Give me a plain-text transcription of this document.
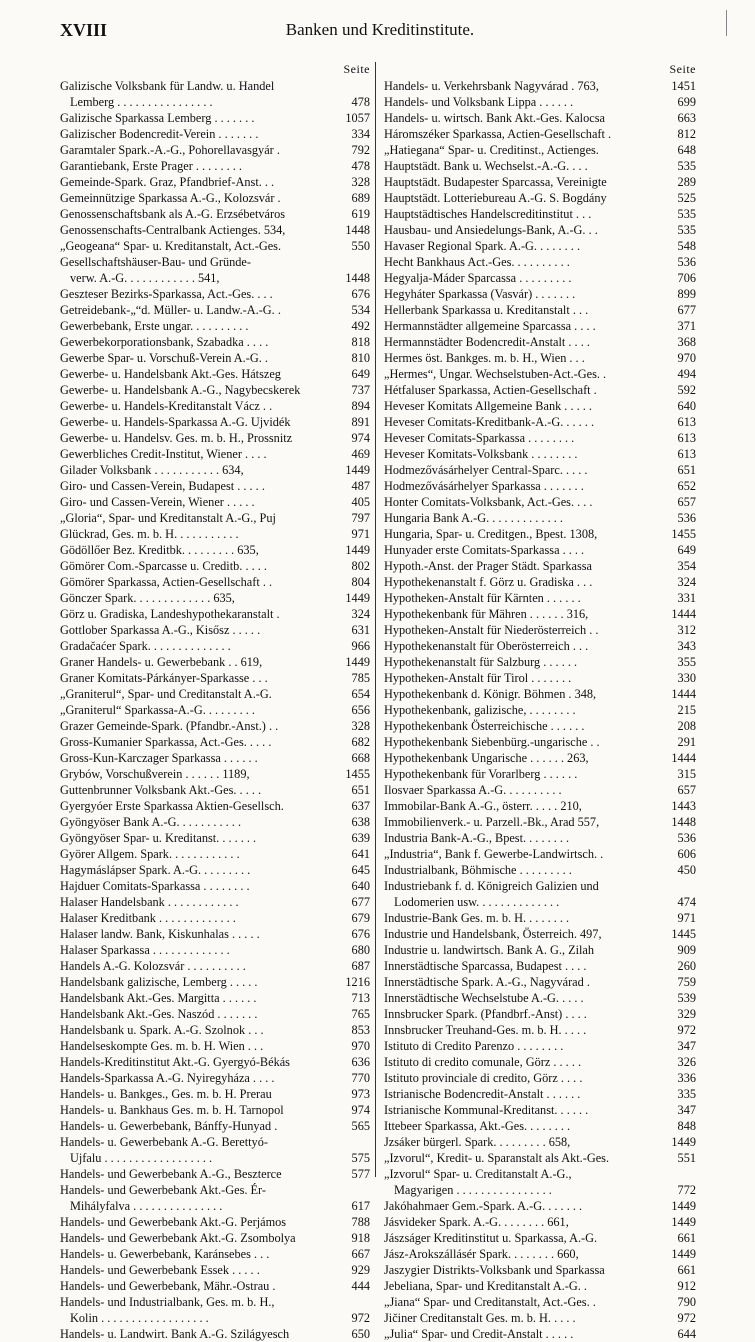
XVIII	Banken und Kreditinstitute.
Seite
Galizische Volksbank für Landw. u. Handel
Lemberg . . . . . . . . . . . . . . . .	478
Galizische Sparkassa Lemberg . . . . . . .	1057
Galizischer Bodencredit-Verein . . . . . . .	334
Garamtaler Spark.-A.-G., Pohorellavasgyár .	792
Garantiebank, Erste Prager . . . . . . . .	478
Gemeinde-Spark. Graz, Pfandbrief-Anst. . .	328
Gemeinnützige Sparkassa A.-G., Kolozsvár .	689
Genossenschaftsbank als A.-G. Erzsébetváros	619
Genossenschafts-Centralbank Actienges. 534,	1448
„Geogeana“ Spar- u. Kreditanstalt, Act.-Ges.	550
Gesellschaftshäuser-Bau- und Gründe-
verw. A.-G. . . . . . . . . . . . 541,	1448
Geszteser Bezirks-Sparkassa, Act.-Ges. . . .	676
Getreidebank-„“d. Müller- u. Landw.-A.-G. .	534
Gewerbebank, Erste ungar. . . . . . . . . .	492
Gewerbekorporationsbank, Szabadka . . . .	818
Gewerbe Spar- u. Vorschuß-Verein A.-G. .	810
Gewerbe- u. Handelsbank Akt.-Ges. Hátszeg	649
Gewerbe- u. Handelsbank A.-G., Nagybecskerek	737
Gewerbe- u. Handels-Kreditanstalt Vácz . .	894
Gewerbe- u. Handels-Sparkassa A.-G. Ujvidék	891
Gewerbe- u. Handelsv. Ges. m. b. H., Prossnitz	974
Gewerbliches Credit-Institut, Wiener . . . .	469
Gilader Volksbank . . . . . . . . . . . 634,	1449
Giro- und Cassen-Verein, Budapest . . . . .	487
Giro- und Cassen-Verein, Wiener . . . . .	405
„Gloria“, Spar- und Kreditanstalt A.-G., Puj	797
Glückrad, Ges. m. b. H. . . . . . . . . . .	971
Gödöllőer Bez. Kreditbk. . . . . . . . . 635,	1449
Gömörer Com.-Sparcasse u. Creditb. . . . .	802
Gömörer Sparkassa, Actien-Gesellschaft . .	804
Gönczer Spark. . . . . . . . . . . . . 635,	1449
Görz u. Gradiska, Landeshypothekaranstalt .	324
Gottlober Sparkassa A.-G., Kisősz . . . . .	631
Gradačaćer Spark. . . . . . . . . . . . . .	966
Graner Handels- u. Gewerbebank . . 619,	1449
Graner Komitats-Párkányer-Sparkasse . . .	785
„Graniterul“, Spar- und Creditanstalt A.-G.	654
„Graniterul“ Sparkassa-A.-G. . . . . . . . .	656
Grazer Gemeinde-Spark. (Pfandbr.-Anst.) . .	328
Gross-Kumanier Sparkassa, Act.-Ges. . . . .	682
Gross-Kun-Karczager Sparkassa . . . . . .	668
Grybów, Vorschußverein . . . . . . 1189,	1455
Guttenbrunner Volksbank Akt.-Ges. . . . .	651
Gyergyóer Erste Sparkassa Aktien-Gesellsch.	637
Gyöngyöser Bank A.-G. . . . . . . . . . .	638
Gyöngyöser Spar- u. Kreditanst. . . . . . .	639
Györer Allgem. Spark. . . . . . . . . . . .	641
Hagymáslápser Spark. A.-G. . . . . . . . .	645
Hajduer Comitats-Sparkassa . . . . . . . .	640
Halaser Handelsbank . . . . . . . . . . . .	677
Halaser Kreditbank . . . . . . . . . . . . .	679
Halaser landw. Bank, Kiskunhalas . . . . .	676
Halaser Sparkassa . . . . . . . . . . . . .	680
Handels A.-G. Kolozsvár . . . . . . . . . .	687
Handelsbank galizische, Lemberg . . . . .	1216
Handelsbank Akt.-Ges. Margitta . . . . . .	713
Handelsbank Akt.-Ges. Naszód . . . . . . .	765
Handelsbank u. Spark. A.-G. Szolnok . . .	853
Handelseskompte Ges. m. b. H. Wien . . .	970
Handels-Kreditinstitut Akt.-G. Gyergyó-Békás	636
Handels-Sparkassa A.-G. Nyiregyháza . . . .	770
Handels- u. Bankges., Ges. m. b. H. Prerau	973
Handels- u. Bankhaus Ges. m. b. H. Tarnopol	974
Handels- u. Gewerbebank, Bánffy-Hunyad .	565
Handels- u. Gewerbebank A.-G. Berettyó-
Ujfalu . . . . . . . . . . . . . . . . . .	575
Handels- und Gewerbebank A.-G., Beszterce	577
Handels- und Gewerbebank Akt.-Ges. Ér-
Mihályfalva . . . . . . . . . . . . . . .	617
Handels- und Gewerbebank Akt.-G. Perjámos	788
Handels- und Gewerbebank Akt.-G. Zsombolya	918
Handels- u. Gewerbebank, Karánsebes . . .	667
Handels- und Gewerbebank Essek . . . . .	929
Handels- und Gewerbebank, Mähr.-Ostrau .	444
Handels- und Industrialbank, Ges. m. b. H.,
Kolin . . . . . . . . . . . . . . . . . .	972
Handels- u. Landwirt. Bank A.-G. Szilágyesch	650
Seite
Handels- u. Verkehrsbank Nagyvárad . 763,	1451
Handels- und Volksbank Lippa . . . . . .	699
Handels- u. wirtsch. Bank Akt.-Ges. Kalocsa	663
Háromszéker Sparkassa, Actien-Gesellschaft .	812
„Hatiegana“ Spar- u. Creditinst., Actienges.	648
Hauptstädt. Bank u. Wechselst.-A.-G. . . .	535
Hauptstädt. Budapester Sparcassa, Vereinigte	289
Hauptstädt. Lotteriebureau A.-G. S. Bogdány	525
Hauptstädtisches Handelscreditinstitut . . .	535
Hausbau- und Ansiedelungs-Bank, A.-G. . .	535
Havaser Regional Spark. A.-G. . . . . . . .	548
Hecht Bankhaus Act.-Ges. . . . . . . . . .	536
Hegyalja-Máder Sparcassa . . . . . . . . .	706
Hegyháter Sparkassa (Vasvár) . . . . . . .	899
Hellerbank Sparkassa u. Kreditanstalt . . .	677
Hermannstädter allgemeine Sparcassa . . . .	371
Hermannstädter Bodencredit-Anstalt . . . .	368
Hermes öst. Bankges. m. b. H., Wien . . .	970
„Hermes“, Ungar. Wechselstuben-Act.-Ges. .	494
Hétfaluser Sparkassa, Actien-Gesellschaft .	592
Heveser Komitats Allgemeine Bank . . . . .	640
Heveser Comitats-Kreditbank-A.-G. . . . . .	613
Heveser Comitats-Sparkassa . . . . . . . .	613
Heveser Komitats-Volksbank . . . . . . . .	613
Hodmezővásárhelyer Central-Sparc. . . . .	651
Hodmezővásárhelyer Sparkassa . . . . . . .	652
Honter Comitats-Volksbank, Act.-Ges. . . .	657
Hungaria Bank A.-G. . . . . . . . . . . . .	536
Hungaria, Spar- u. Creditgen., Bpest. 1308,	1455
Hunyader erste Comitats-Sparkassa . . . .	649
Hypoth.-Anst. der Prager Städt. Sparkassa	354
Hypothekenanstalt f. Görz u. Gradiska . . .	324
Hypotheken-Anstalt für Kärnten . . . . . .	331
Hypothekenbank für Mähren . . . . . . 316,	1444
Hypotheken-Anstalt für Niederösterreich . .	312
Hypothekenanstalt für Oberösterreich . . .	343
Hypothekenanstalt für Salzburg . . . . . .	355
Hypotheken-Anstalt für Tirol . . . . . . .	330
Hypothekenbank d. Königr. Böhmen . 348,	1444
Hypothekenbank, galizische, . . . . . . . .	215
Hypothekenbank Österreichische . . . . . .	208
Hypothekenbank Siebenbürg.-ungarische . .	291
Hypothekenbank Ungarische . . . . . . 263,	1444
Hypothekenbank für Vorarlberg . . . . . .	315
Ilosvaer Sparkassa A.-G. . . . . . . . . .	657
Immobilar-Bank A.-G., österr. . . . . 210,	1443
Immobilienverk.- u. Parzell.-Bk., Arad 557,	1448
Industria Bank-A.-G., Bpest. . . . . . . .	536
„Industria“, Bank f. Gewerbe-Landwirtsch. .	606
Industrialbank, Böhmische . . . . . . . . .	450
Industriebank f. d. Königreich Galizien und
Lodomerien usw. . . . . . . . . . . . . .	474
Industrie-Bank Ges. m. b. H. . . . . . . .	971
Industrie und Handelsbank, Österreich. 497,	1445
Industrie u. landwirtsch. Bank A. G., Zilah	909
Innerstädtische Sparcassa, Budapest . . . .	260
Innerstädtische Spark. A.-G., Nagyvárad .	759
Innerstädtische Wechselstube A.-G. . . . .	539
Innsbrucker Spark. (Pfandbrf.-Anst) . . . .	329
Innsbrucker Treuhand-Ges. m. b. H. . . . .	972
Istituto di Credito Parenzo . . . . . . . .	347
Istituto di credito comunale, Görz . . . . .	326
Istituto provinciale di credito, Görz . . . .	336
Istrianische Bodencredit-Anstalt . . . . . .	335
Istrianische Kommunal-Kreditanst. . . . . .	347
Ittebeer Sparkassa, Akt.-Ges. . . . . . . .	848
Jzsáker bürgerl. Spark. . . . . . . . . 658,	1449
„Izvorul“, Kredit- u. Sparanstalt als Akt.-Ges.	551
„Izvorul“ Spar- u. Creditanstalt A.-G.,
Magyarigen . . . . . . . . . . . . . . . .	772
Jakóhahmaer Gem.-Spark. A.-G. . . . . . .	1449
Jásvideker Spark. A.-G. . . . . . . . 661,	1449
Jászságer Kreditinstitut u. Sparkassa, A.-G.	661
Jász-Arokszállásér Spark. . . . . . . . 660,	1449
Jaszygier Distrikts-Volksbank und Sparkassa	661
Jebeliana, Spar- und Kreditanstalt A.-G. .	912
„Jiana“ Spar- und Creditanstalt, Act.-Ges. .	790
Jičiner Creditanstalt Ges. m. b. H. . . . .	972
„Julia“ Spar- und Credit-Anstalt . . . . .	644
